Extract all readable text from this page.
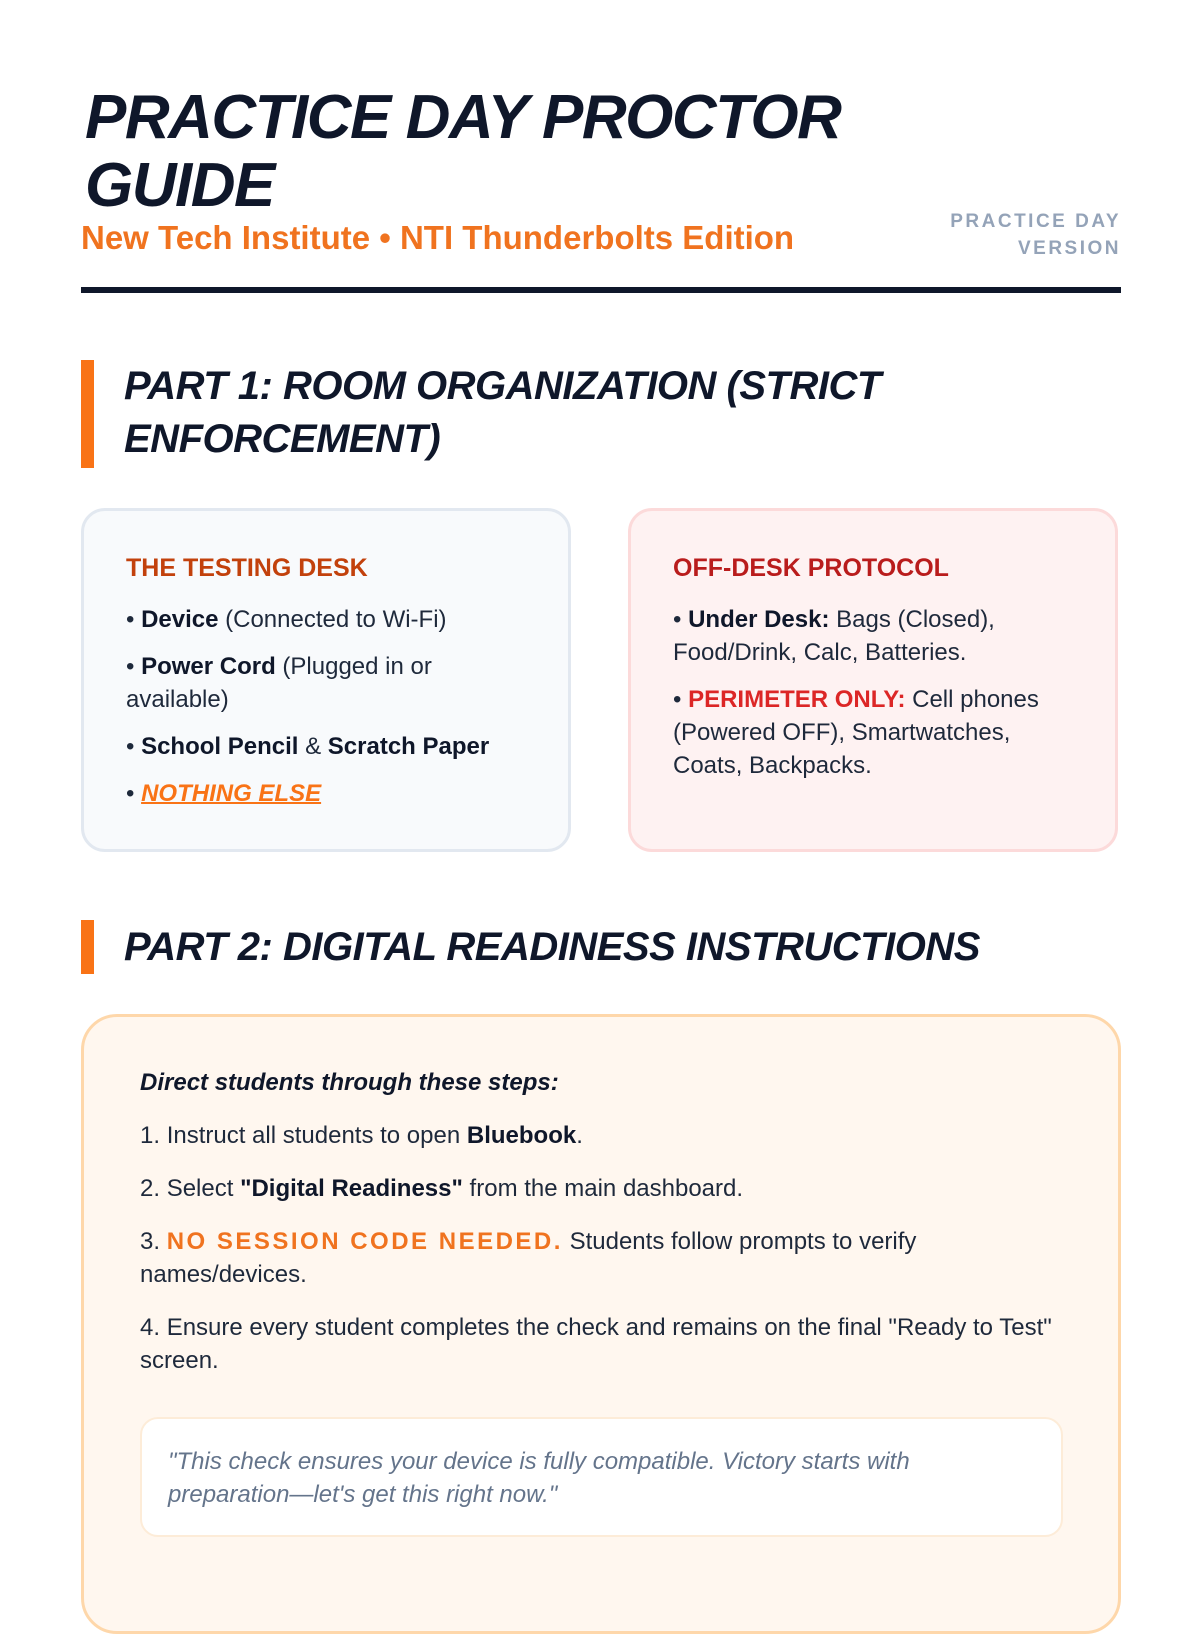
PRACTICE DAY PROCTOR GUIDE

New Tech Institute • NTI Thunderbolts Edition	PRACTICE DAY VERSION
PART 1: ROOM ORGANIZATION (STRICT ENFORCEMENT)
THE TESTING DESK
• Device (Connected to Wi-Fi)
• Power Cord (Plugged in or available)
• School Pencil & Scratch Paper
• NOTHING ELSE
OFF-DESK PROTOCOL
• Under Desk: Bags (Closed), Food/Drink, Calc, Batteries.
• PERIMETER ONLY: Cell phones (Powered OFF), Smartwatches, Coats, Backpacks.
PART 2: DIGITAL READINESS INSTRUCTIONS

Direct students through these steps:

1. Instruct all students to open Bluebook.
2. Select "Digital Readiness" from the main dashboard.
3. NO SESSION CODE NEEDED. Students follow prompts to verify names/devices.
4. Ensure every student completes the check and remains on the final "Ready to Test" screen.

"This check ensures your device is fully compatible. Victory starts with preparation—let's get this right now."
